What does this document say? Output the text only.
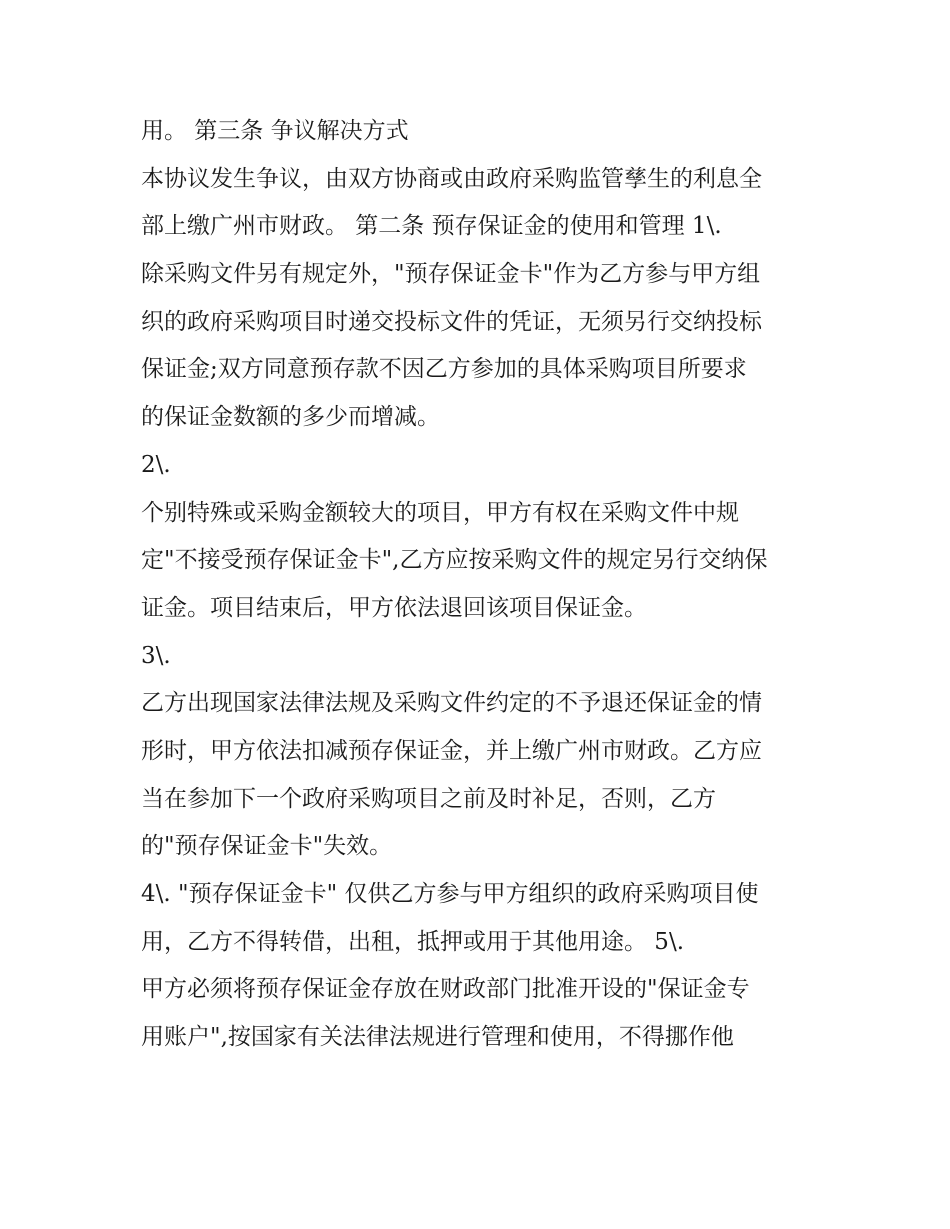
用。 第三条 争议解决方式
本协议发生争议，由双方协商或由政府采购监管孳生的利息全
部上缴广州市财政。 第二条 预存保证金的使用和管理 1\.
除采购文件另有规定外，"预存保证金卡"作为乙方参与甲方组
织的政府采购项目时递交投标文件的凭证，无须另行交纳投标
保证金;双方同意预存款不因乙方参加的具体采购项目所要求
的保证金数额的多少而增减。
2\.
个别特殊或采购金额较大的项目，甲方有权在采购文件中规
定"不接受预存保证金卡",乙方应按采购文件的规定另行交纳保
证金。项目结束后，甲方依法退回该项目保证金。
3\.
乙方出现国家法律法规及采购文件约定的不予退还保证金的情
形时，甲方依法扣减预存保证金，并上缴广州市财政。乙方应
当在参加下一个政府采购项目之前及时补足，否则，乙方
的"预存保证金卡"失效。
4\. "预存保证金卡" 仅供乙方参与甲方组织的政府采购项目使
用，乙方不得转借，出租，抵押或用于其他用途。 5\.
甲方必须将预存保证金存放在财政部门批准开设的"保证金专
用账户",按国家有关法律法规进行管理和使用，不得挪作他
